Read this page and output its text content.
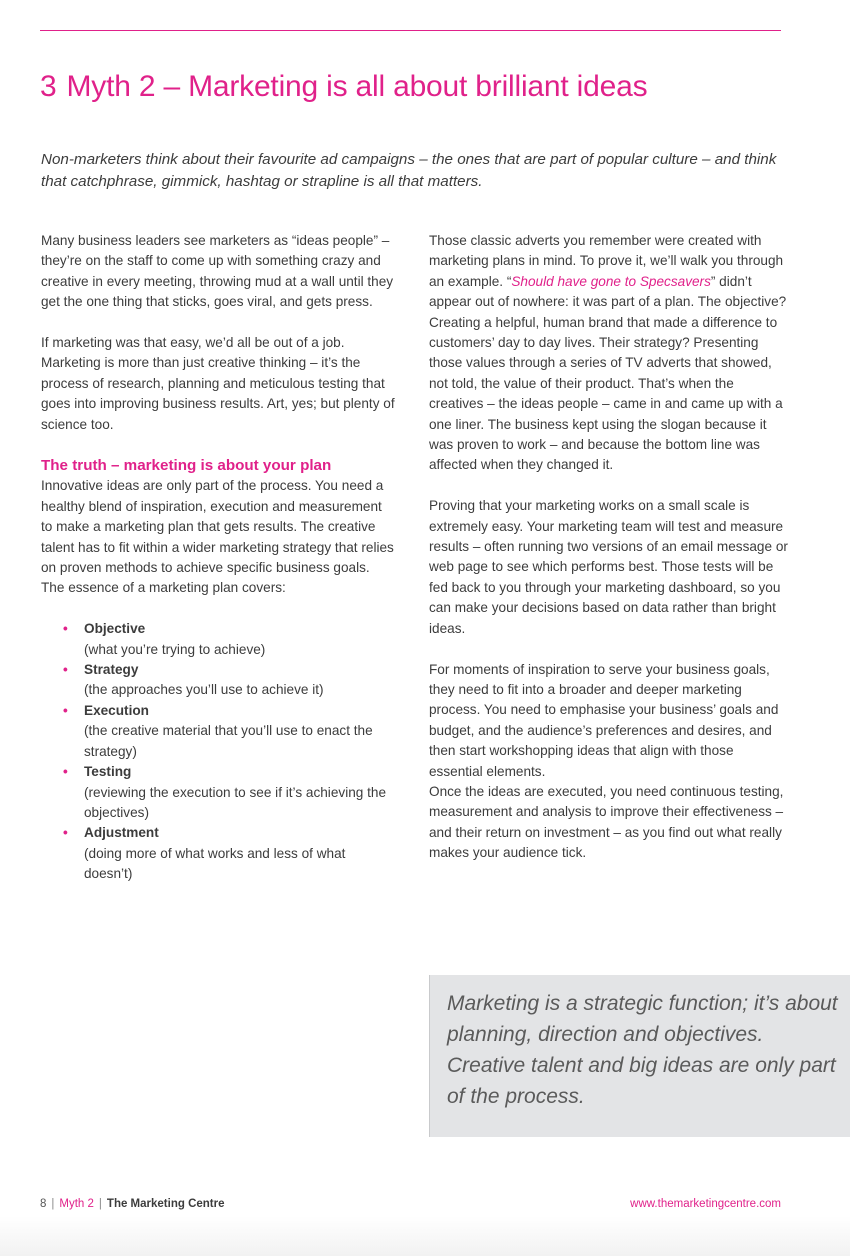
3 Myth 2 – Marketing is all about brilliant ideas

Non-marketers think about their favourite ad campaigns – the ones that are part of popular culture – and think that catchphrase, gimmick, hashtag or strapline is all that matters.

Many business leaders see marketers as “ideas people” – they’re on the staff to come up with something crazy and creative in every meeting, throwing mud at a wall until they get the one thing that sticks, goes viral, and gets press.

If marketing was that easy, we’d all be out of a job. Marketing is more than just creative thinking – it’s the process of research, planning and meticulous testing that goes into improving business results. Art, yes; but plenty of science too.

The truth – marketing is about your plan

Innovative ideas are only part of the process. You need a healthy blend of inspiration, execution and measurement to make a marketing plan that gets results. The creative talent has to fit within a wider marketing strategy that relies on proven methods to achieve specific business goals. The essence of a marketing plan covers:

• Objective
(what you’re trying to achieve)
• Strategy
(the approaches you’ll use to achieve it)
• Execution
(the creative material that you’ll use to enact the strategy)
• Testing
(reviewing the execution to see if it’s achieving the objectives)
• Adjustment
(doing more of what works and less of what doesn’t)

Those classic adverts you remember were created with marketing plans in mind. To prove it, we’ll walk you through an example. “Should have gone to Specsavers” didn’t appear out of nowhere: it was part of a plan. The objective? Creating a helpful, human brand that made a difference to customers’ day to day lives. Their strategy? Presenting those values through a series of TV adverts that showed, not told, the value of their product. That’s when the creatives – the ideas people – came in and came up with a one liner. The business kept using the slogan because it was proven to work – and because the bottom line was affected when they changed it.

Proving that your marketing works on a small scale is extremely easy. Your marketing team will test and measure results – often running two versions of an email message or web page to see which performs best. Those tests will be fed back to you through your marketing dashboard, so you can make your decisions based on data rather than bright ideas.

For moments of inspiration to serve your business goals, they need to fit into a broader and deeper marketing process. You need to emphasise your business’ goals and budget, and the audience’s preferences and desires, and then start workshopping ideas that align with those essential elements.

Once the ideas are executed, you need continuous testing, measurement and analysis to improve their effectiveness – and their return on investment – as you find out what really makes your audience tick.

Marketing is a strategic function; it’s about planning, direction and objectives. Creative talent and big ideas are only part of the process.
8 | Myth 2 | The Marketing Centre	www.themarketingcentre.com
